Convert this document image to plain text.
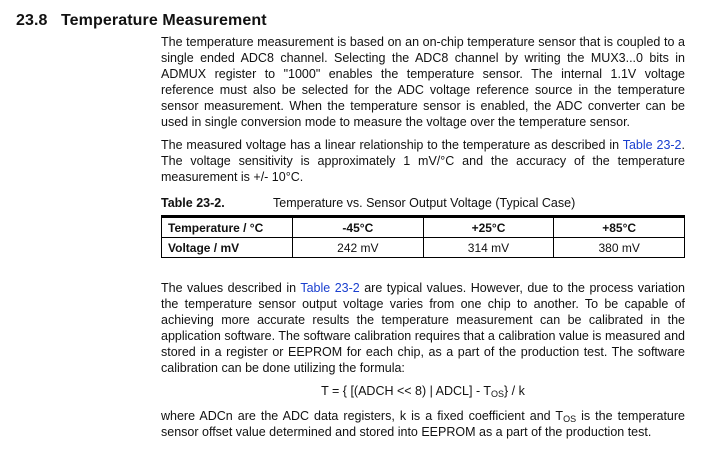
23.8 Temperature Measurement

The temperature measurement is based on an on-chip temperature sensor that is coupled to a single ended ADC8 channel. Selecting the ADC8 channel by writing the MUX3...0 bits in ADMUX register to "1000" enables the temperature sensor. The internal 1.1V voltage reference must also be selected for the ADC voltage reference source in the temperature sensor measurement. When the temperature sensor is enabled, the ADC converter can be used in single conversion mode to measure the voltage over the temperature sensor.

The measured voltage has a linear relationship to the temperature as described in Table 23-2. The voltage sensitivity is approximately 1 mV/°C and the accuracy of the temperature measurement is +/- 10°C.

Table 23-2.	Temperature vs. Sensor Output Voltage (Typical Case)
Temperature / °C	-45°C	+25°C	+85°C
Voltage / mV	242 mV	314 mV	380 mV

The values described in Table 23-2 are typical values. However, due to the process variation the temperature sensor output voltage varies from one chip to another. To be capable of achieving more accurate results the temperature measurement can be calibrated in the application software. The software calibration requires that a calibration value is measured and stored in a register or EEPROM for each chip, as a part of the production test. The software calibration can be done utilizing the formula:

T = { [(ADCH << 8) | ADCL] - $T_{OS}$} / k

where ADCn are the ADC data registers, k is a fixed coefficient and $T_{OS}$ is the temperature sensor offset value determined and stored into EEPROM as a part of the production test.
